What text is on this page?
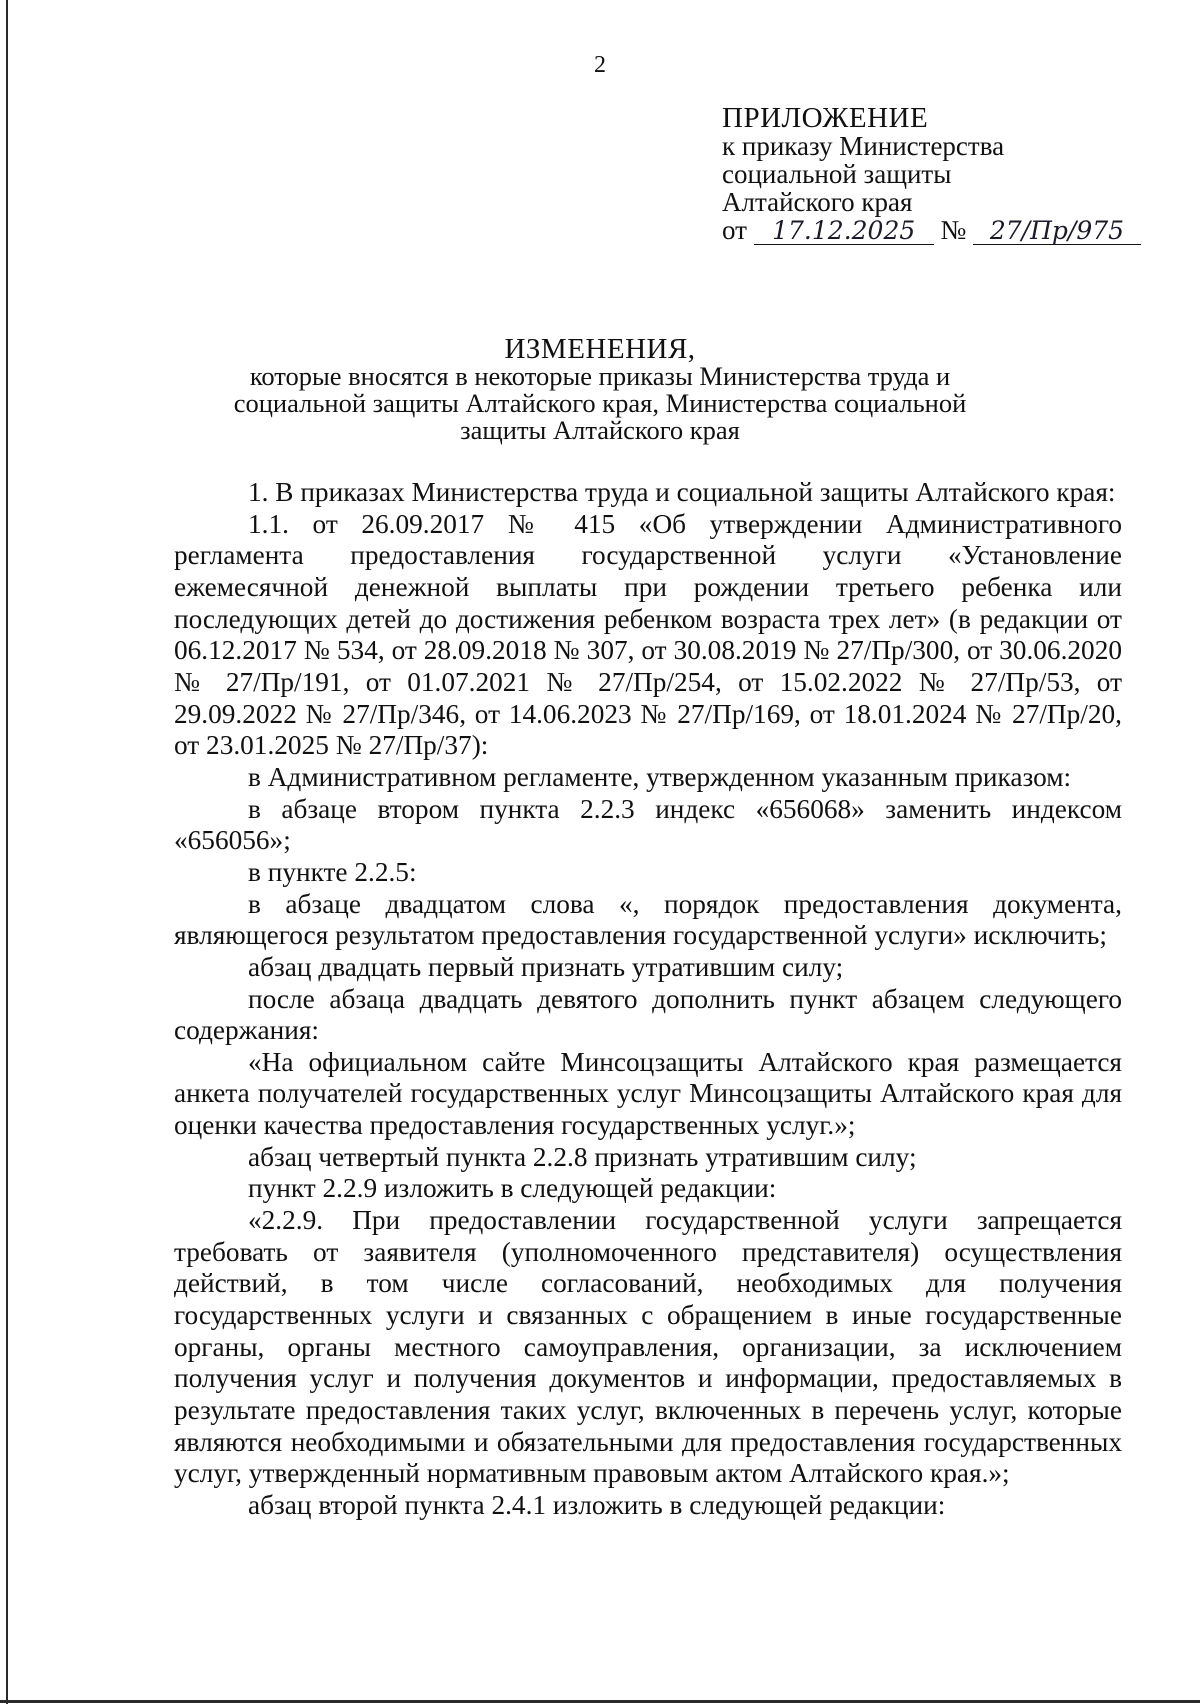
2
ПРИЛОЖЕНИЕ
к приказу Министерства
социальной защиты
Алтайского края
от 17.12.2025 № 27/Пр/975
ИЗМЕНЕНИЯ,
которые вносятся в некоторые приказы Министерства труда и
социальной защиты Алтайского края, Министерства социальной
защиты Алтайского края

1. В приказах Министерства труда и социальной защиты Алтайского края:

1.1. от 26.09.2017 № 415 «Об утверждении Административного регламента предоставления государственной услуги «Установление ежемесячной денежной выплаты при рождении третьего ребенка или последующих детей до достижения ребенком возраста трех лет» (в редакции от 06.12.2017 № 534, от 28.09.2018 № 307, от 30.08.2019 № 27/Пр/300, от 30.06.2020 № 27/Пр/191, от 01.07.2021 № 27/Пр/254, от 15.02.2022 № 27/Пр/53, от 29.09.2022 № 27/Пр/346, от 14.06.2023 № 27/Пр/169, от 18.01.2024 № 27/Пр/20, от 23.01.2025 № 27/Пр/37):

в Административном регламенте, утвержденном указанным приказом:

в абзаце втором пункта 2.2.3 индекс «656068» заменить индексом «656056»;

в пункте 2.2.5:

в абзаце двадцатом слова «, порядок предоставления документа, являющегося результатом предоставления государственной услуги» исключить;

абзац двадцать первый признать утратившим силу;

после абзаца двадцать девятого дополнить пункт абзацем следующего содержания:

«На официальном сайте Минсоцзащиты Алтайского края размещается анкета получателей государственных услуг Минсоцзащиты Алтайского края для оценки качества предоставления государственных услуг.»;

абзац четвертый пункта 2.2.8 признать утратившим силу;

пункт 2.2.9 изложить в следующей редакции:

«2.2.9. При предоставлении государственной услуги запрещается требовать от заявителя (уполномоченного представителя) осуществления действий, в том числе согласований, необходимых для получения государственных услуги и связанных с обращением в иные государственные органы, органы местного самоуправления, организации, за исключением получения услуг и получения документов и информации, предоставляемых в результате предоставления таких услуг, включенных в перечень услуг, которые являются необходимыми и обязательными для предоставления государственных услуг, утвержденный нормативным правовым актом Алтайского края.»;

абзац второй пункта 2.4.1 изложить в следующей редакции:
